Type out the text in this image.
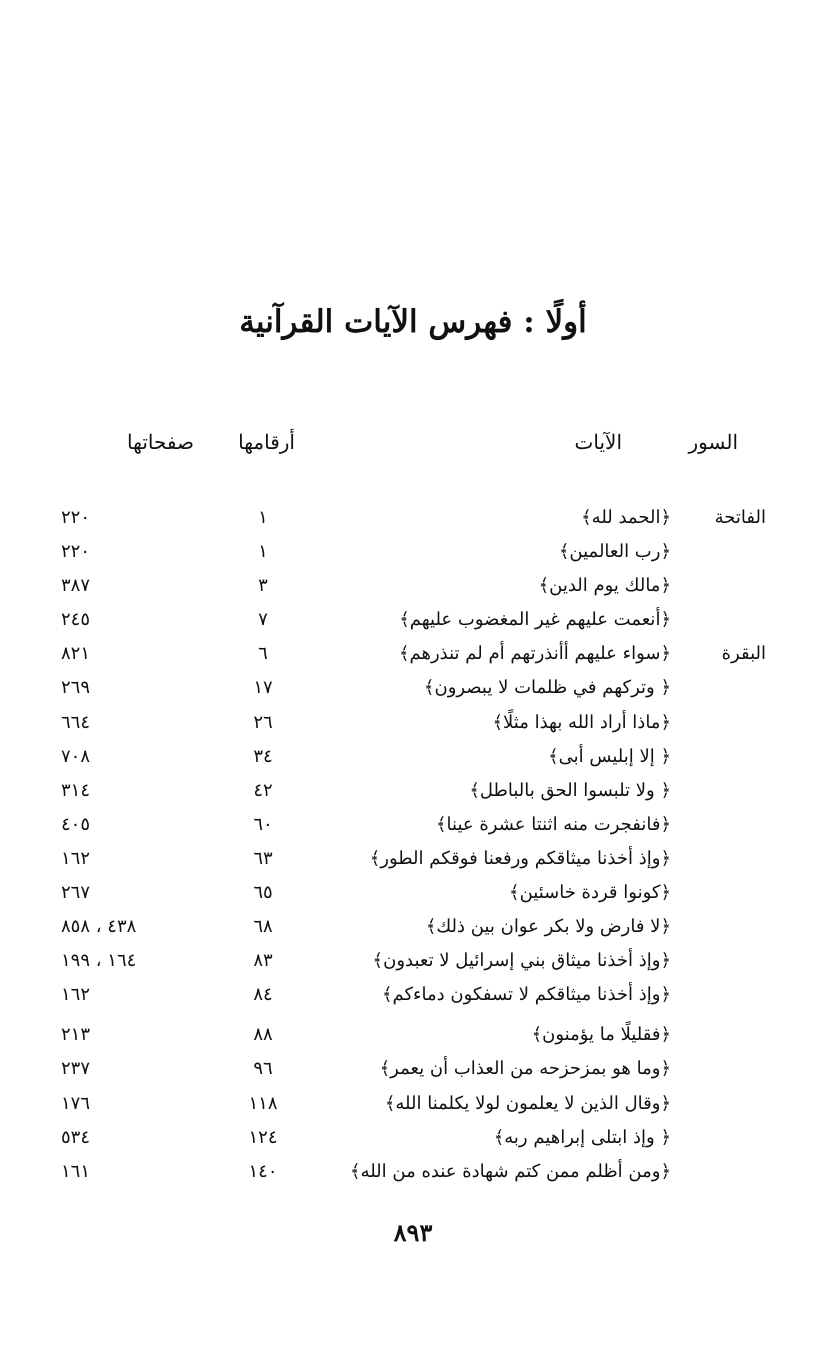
أولًا : فهرس الآيات القرآنية
السور
الآيات
أرقامها
صفحاتها
الفاتحة
﴿الحمد لله﴾
١
٢٢٠
﴿رب العالمين﴾
١
٢٢٠
﴿مالك يوم الدين﴾
٣
٣٨٧
﴿أنعمت عليهم غير المغضوب عليهم﴾
٧
٢٤٥
البقرة
﴿سواء عليهم أأنذرتهم أم لم تنذرهم﴾
٦
٨٢١
﴿ وتركهم في ظلمات لا يبصرون﴾
١٧
٢٦٩
﴿ماذا أراد الله بهذا مثلًا﴾
٢٦
٦٦٤
﴿ إلا إبليس أبى﴾
٣٤
٧٠٨
﴿ ولا تلبسوا الحق بالباطل﴾
٤٢
٣١٤
﴿فانفجرت منه اثنتا عشرة عينا﴾
٦٠
٤٠٥
﴿وإذ أخذنا ميثاقكم ورفعنا فوقكم الطور﴾
٦٣
١٦٢
﴿كونوا قردة خاسئين﴾
٦٥
٢٦٧
﴿لا فارض ولا بكر عوان بين ذلك﴾
٦٨
٤٣٨ ، ٨٥٨
﴿وإذ أخذنا ميثاق بني إسرائيل لا تعبدون﴾
٨٣
١٦٤ ، ١٩٩
﴿وإذ أخذنا ميثاقكم لا تسفكون دماءكم﴾
٨٤
١٦٢
﴿فقليلًا ما يؤمنون﴾
٨٨
٢١٣
﴿وما هو بمزحزحه من العذاب أن يعمر﴾
٩٦
٢٣٧
﴿وقال الذين لا يعلمون لولا يكلمنا الله﴾
١١٨
١٧٦
﴿ وإذ ابتلى إبراهيم ربه﴾
١٢٤
٥٣٤
﴿ومن أظلم ممن كتم شهادة عنده من الله﴾
١٤٠
١٦١
٨٩٣
